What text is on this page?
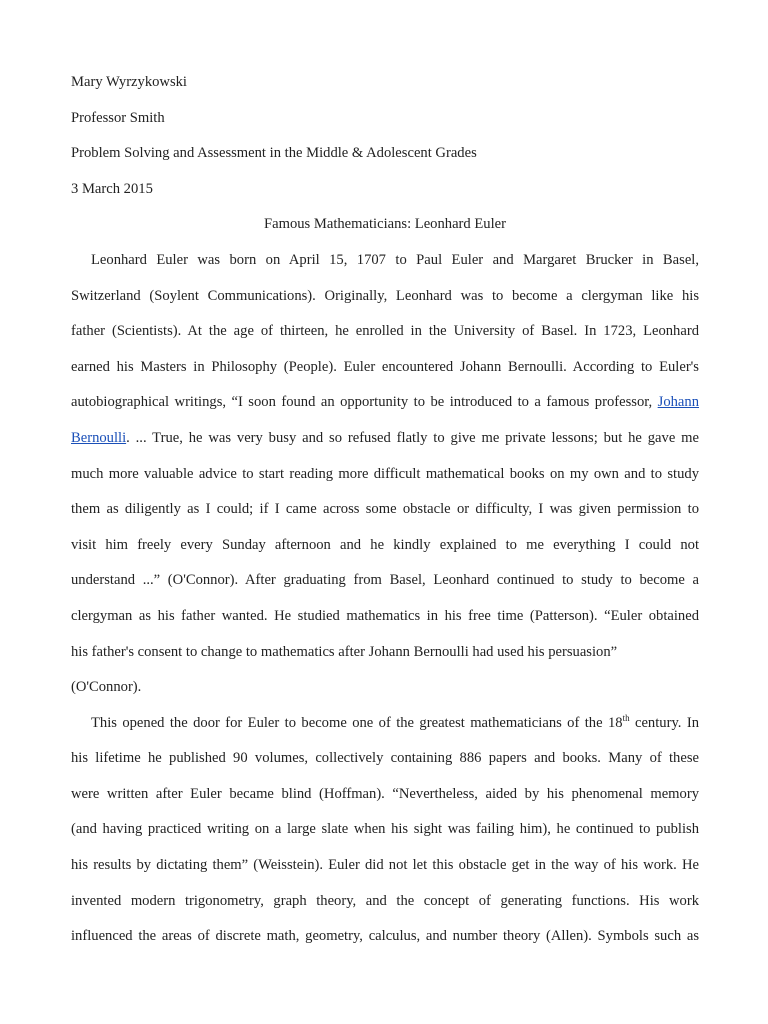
Mary Wyrzykowski
Professor Smith
Problem Solving and Assessment in the Middle & Adolescent Grades
3 March 2015
Famous Mathematicians: Leonhard Euler
Leonhard Euler was born on April 15, 1707 to Paul Euler and Margaret Brucker in Basel,
Switzerland (Soylent Communications). Originally, Leonhard was to become a clergyman like his
father (Scientists). At the age of thirteen, he enrolled in the University of Basel. In 1723, Leonhard
earned his Masters in Philosophy (People). Euler encountered Johann Bernoulli. According to Euler's
autobiographical writings, “I soon found an opportunity to be introduced to a famous professor, Johann
Bernoulli. ... True, he was very busy and so refused flatly to give me private lessons; but he gave me
much more valuable advice to start reading more difficult mathematical books on my own and to study
them as diligently as I could; if I came across some obstacle or difficulty, I was given permission to
visit him freely every Sunday afternoon and he kindly explained to me everything I could not
understand ...” (O'Connor). After graduating from Basel, Leonhard continued to study to become a
clergyman as his father wanted. He studied mathematics in his free time (Patterson). “Euler obtained
his father's consent to change to mathematics after Johann Bernoulli had used his persuasion”
(O'Connor).
This opened the door for Euler to become one of the greatest mathematicians of the 18th century. In
his lifetime he published 90 volumes, collectively containing 886 papers and books. Many of these
were written after Euler became blind (Hoffman). “Nevertheless, aided by his phenomenal memory
(and having practiced writing on a large slate when his sight was failing him), he continued to publish
his results by dictating them” (Weisstein). Euler did not let this obstacle get in the way of his work. He
invented modern trigonometry, graph theory, and the concept of generating functions. His work
influenced the areas of discrete math, geometry, calculus, and number theory (Allen). Symbols such as
